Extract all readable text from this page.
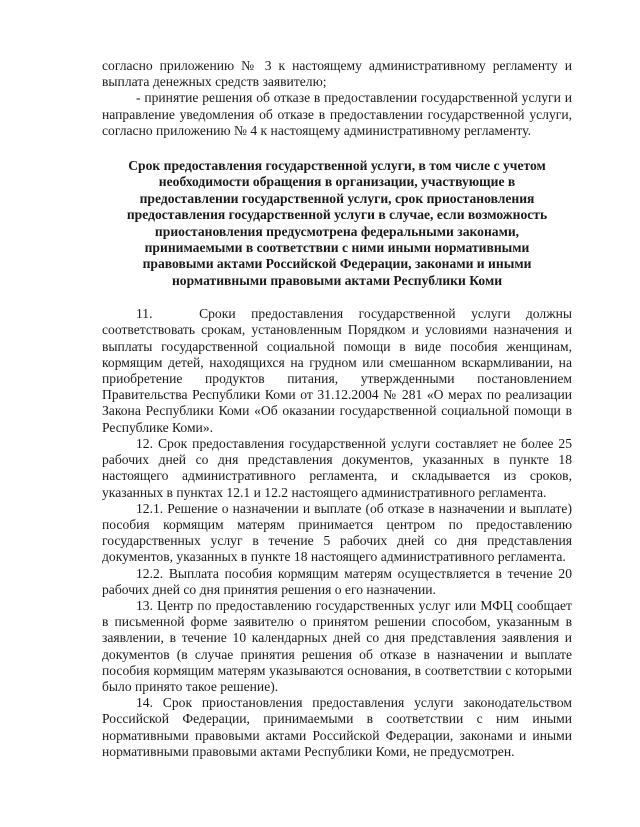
согласно приложению № 3 к настоящему административному регламенту и выплата денежных средств заявителю;

- принятие решения об отказе в предоставлении государственной услуги и направление уведомления об отказе в предоставлении государственной услуги, согласно приложению № 4 к настоящему административному регламенту.

Срок предоставления государственной услуги, в том числе с учетом необходимости обращения в организации, участвующие в предоставлении государственной услуги, срок приостановления предоставления государственной услуги в случае, если возможность приостановления предусмотрена федеральными законами, принимаемыми в соответствии с ними иными нормативными правовыми актами Российской Федерации, законами и иными нормативными правовыми актами Республики Коми

11.   Сроки предоставления государственной услуги должны соответствовать срокам, установленным Порядком и условиями назначения и выплаты государственной социальной помощи в виде пособия женщинам, кормящим детей, находящихся на грудном или смешанном вскармливании, на приобретение продуктов питания, утвержденными постановлением Правительства Республики Коми от 31.12.2004 № 281 «О мерах по реализации Закона Республики Коми «Об оказании государственной социальной помощи в Республике Коми».

12. Срок предоставления государственной услуги составляет не более 25 рабочих дней со дня представления документов, указанных в пункте 18 настоящего административного регламента, и складывается из сроков, указанных в пунктах 12.1 и 12.2 настоящего административного регламента.

12.1. Решение о назначении и выплате (об отказе в назначении и выплате) пособия кормящим матерям принимается центром по предоставлению государственных услуг в течение 5 рабочих дней со дня представления документов, указанных в пункте 18 настоящего административного регламента.

12.2. Выплата пособия кормящим матерям осуществляется в течение 20 рабочих дней со дня принятия решения о его назначении.

13. Центр по предоставлению государственных услуг или МФЦ сообщает в письменной форме заявителю о принятом решении способом, указанным в заявлении, в течение 10 календарных дней со дня представления заявления и документов (в случае принятия решения об отказе в назначении и выплате пособия кормящим матерям указываются основания, в соответствии с которыми было принято такое решение).

14. Срок приостановления предоставления услуги законодательством Российской Федерации, принимаемыми в соответствии с ним иными нормативными правовыми актами Российской Федерации, законами и иными нормативными правовыми актами Республики Коми, не предусмотрен.
